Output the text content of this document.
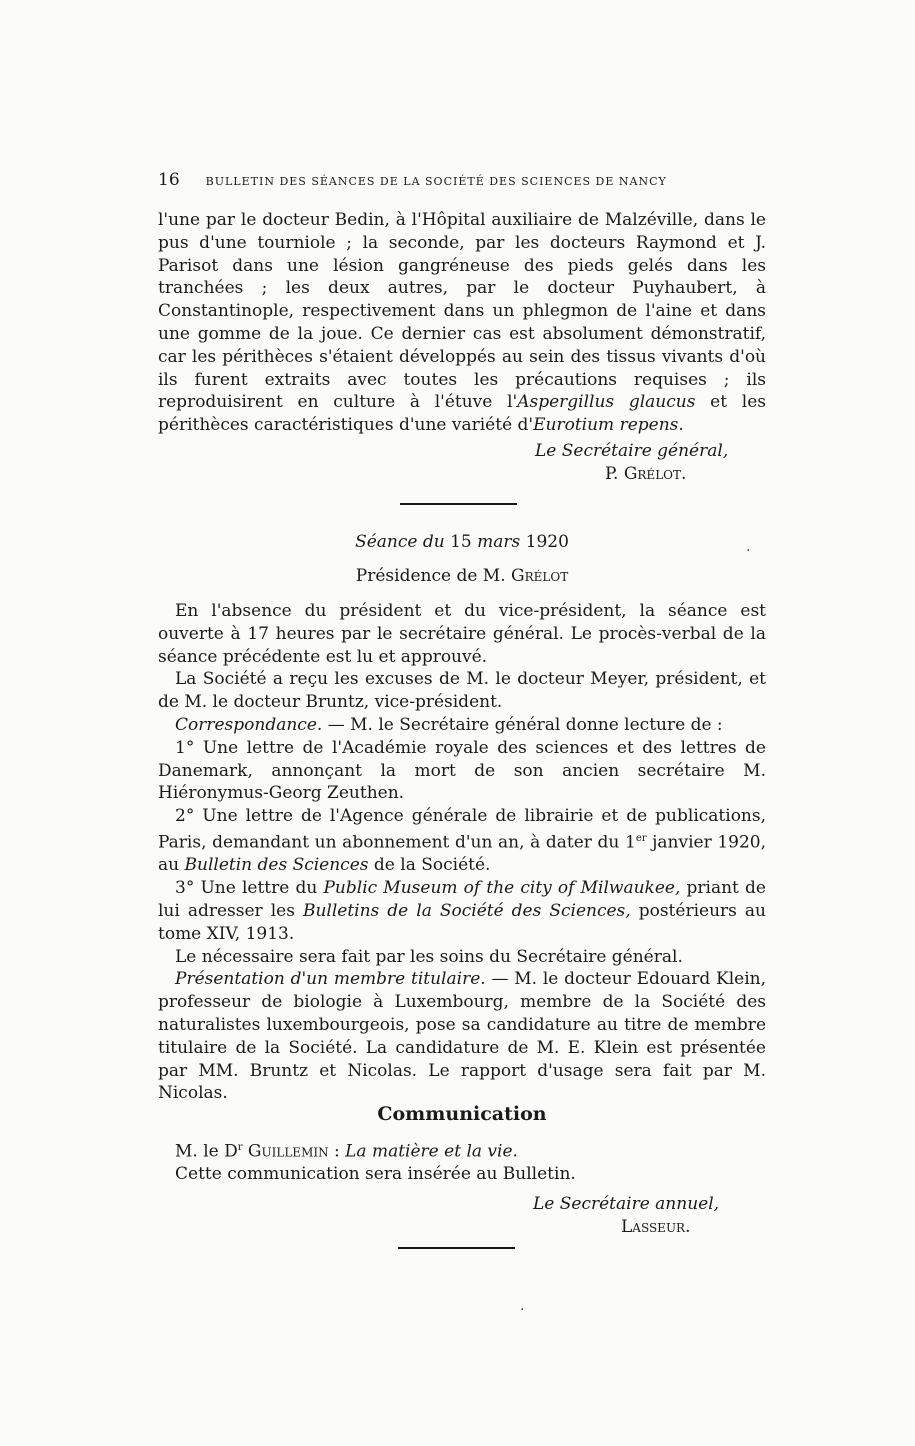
16 BULLETIN DES SÉANCES DE LA SOCIÉTÉ DES SCIENCES DE NANCY

l'une par le docteur Bedin, à l'Hôpital auxiliaire de Malzéville, dans le pus d'une tourniole ; la seconde, par les docteurs Raymond et J. Parisot dans une lésion gangréneuse des pieds gelés dans les tranchées ; les deux autres, par le docteur Puyhaubert, à Constantinople, respectivement dans un phlegmon de l'aine et dans une gomme de la joue. Ce dernier cas est absolument démonstratif, car les périthèces s'étaient développés au sein des tissus vivants d'où ils furent extraits avec toutes les précautions requises ; ils reproduisirent en culture à l'étuve l'Aspergillus glaucus et les périthèces caractéristiques d'une variété d'Eurotium repens.

Le Secrétaire général,
P. Grélot.
Séance du 15 mars 1920
Présidence de M. Grélot

En l'absence du président et du vice-président, la séance est ouverte à 17 heures par le secrétaire général. Le procès-verbal de la séance précédente est lu et approuvé.

La Société a reçu les excuses de M. le docteur Meyer, président, et de M. le docteur Bruntz, vice-président.

Correspondance. — M. le Secrétaire général donne lecture de :

1° Une lettre de l'Académie royale des sciences et des lettres de Danemark, annonçant la mort de son ancien secrétaire M. Hiéronymus-Georg Zeuthen.

2° Une lettre de l'Agence générale de librairie et de publications, Paris, demandant un abonnement d'un an, à dater du 1er janvier 1920, au Bulletin des Sciences de la Société.

3° Une lettre du Public Museum of the city of Milwaukee, priant de lui adresser les Bulletins de la Société des Sciences, postérieurs au tome XIV, 1913.

Le nécessaire sera fait par les soins du Secrétaire général.

Présentation d'un membre titulaire. — M. le docteur Edouard Klein, professeur de biologie à Luxembourg, membre de la Société des naturalistes luxembourgeois, pose sa candidature au titre de membre titulaire de la Société. La candidature de M. E. Klein est présentée par MM. Bruntz et Nicolas. Le rapport d'usage sera fait par M. Nicolas.

Communication

M. le $D^r$ Guillemin : La matière et la vie.

Cette communication sera insérée au Bulletin.

Le Secrétaire annuel,
Lasseur.
·
·
